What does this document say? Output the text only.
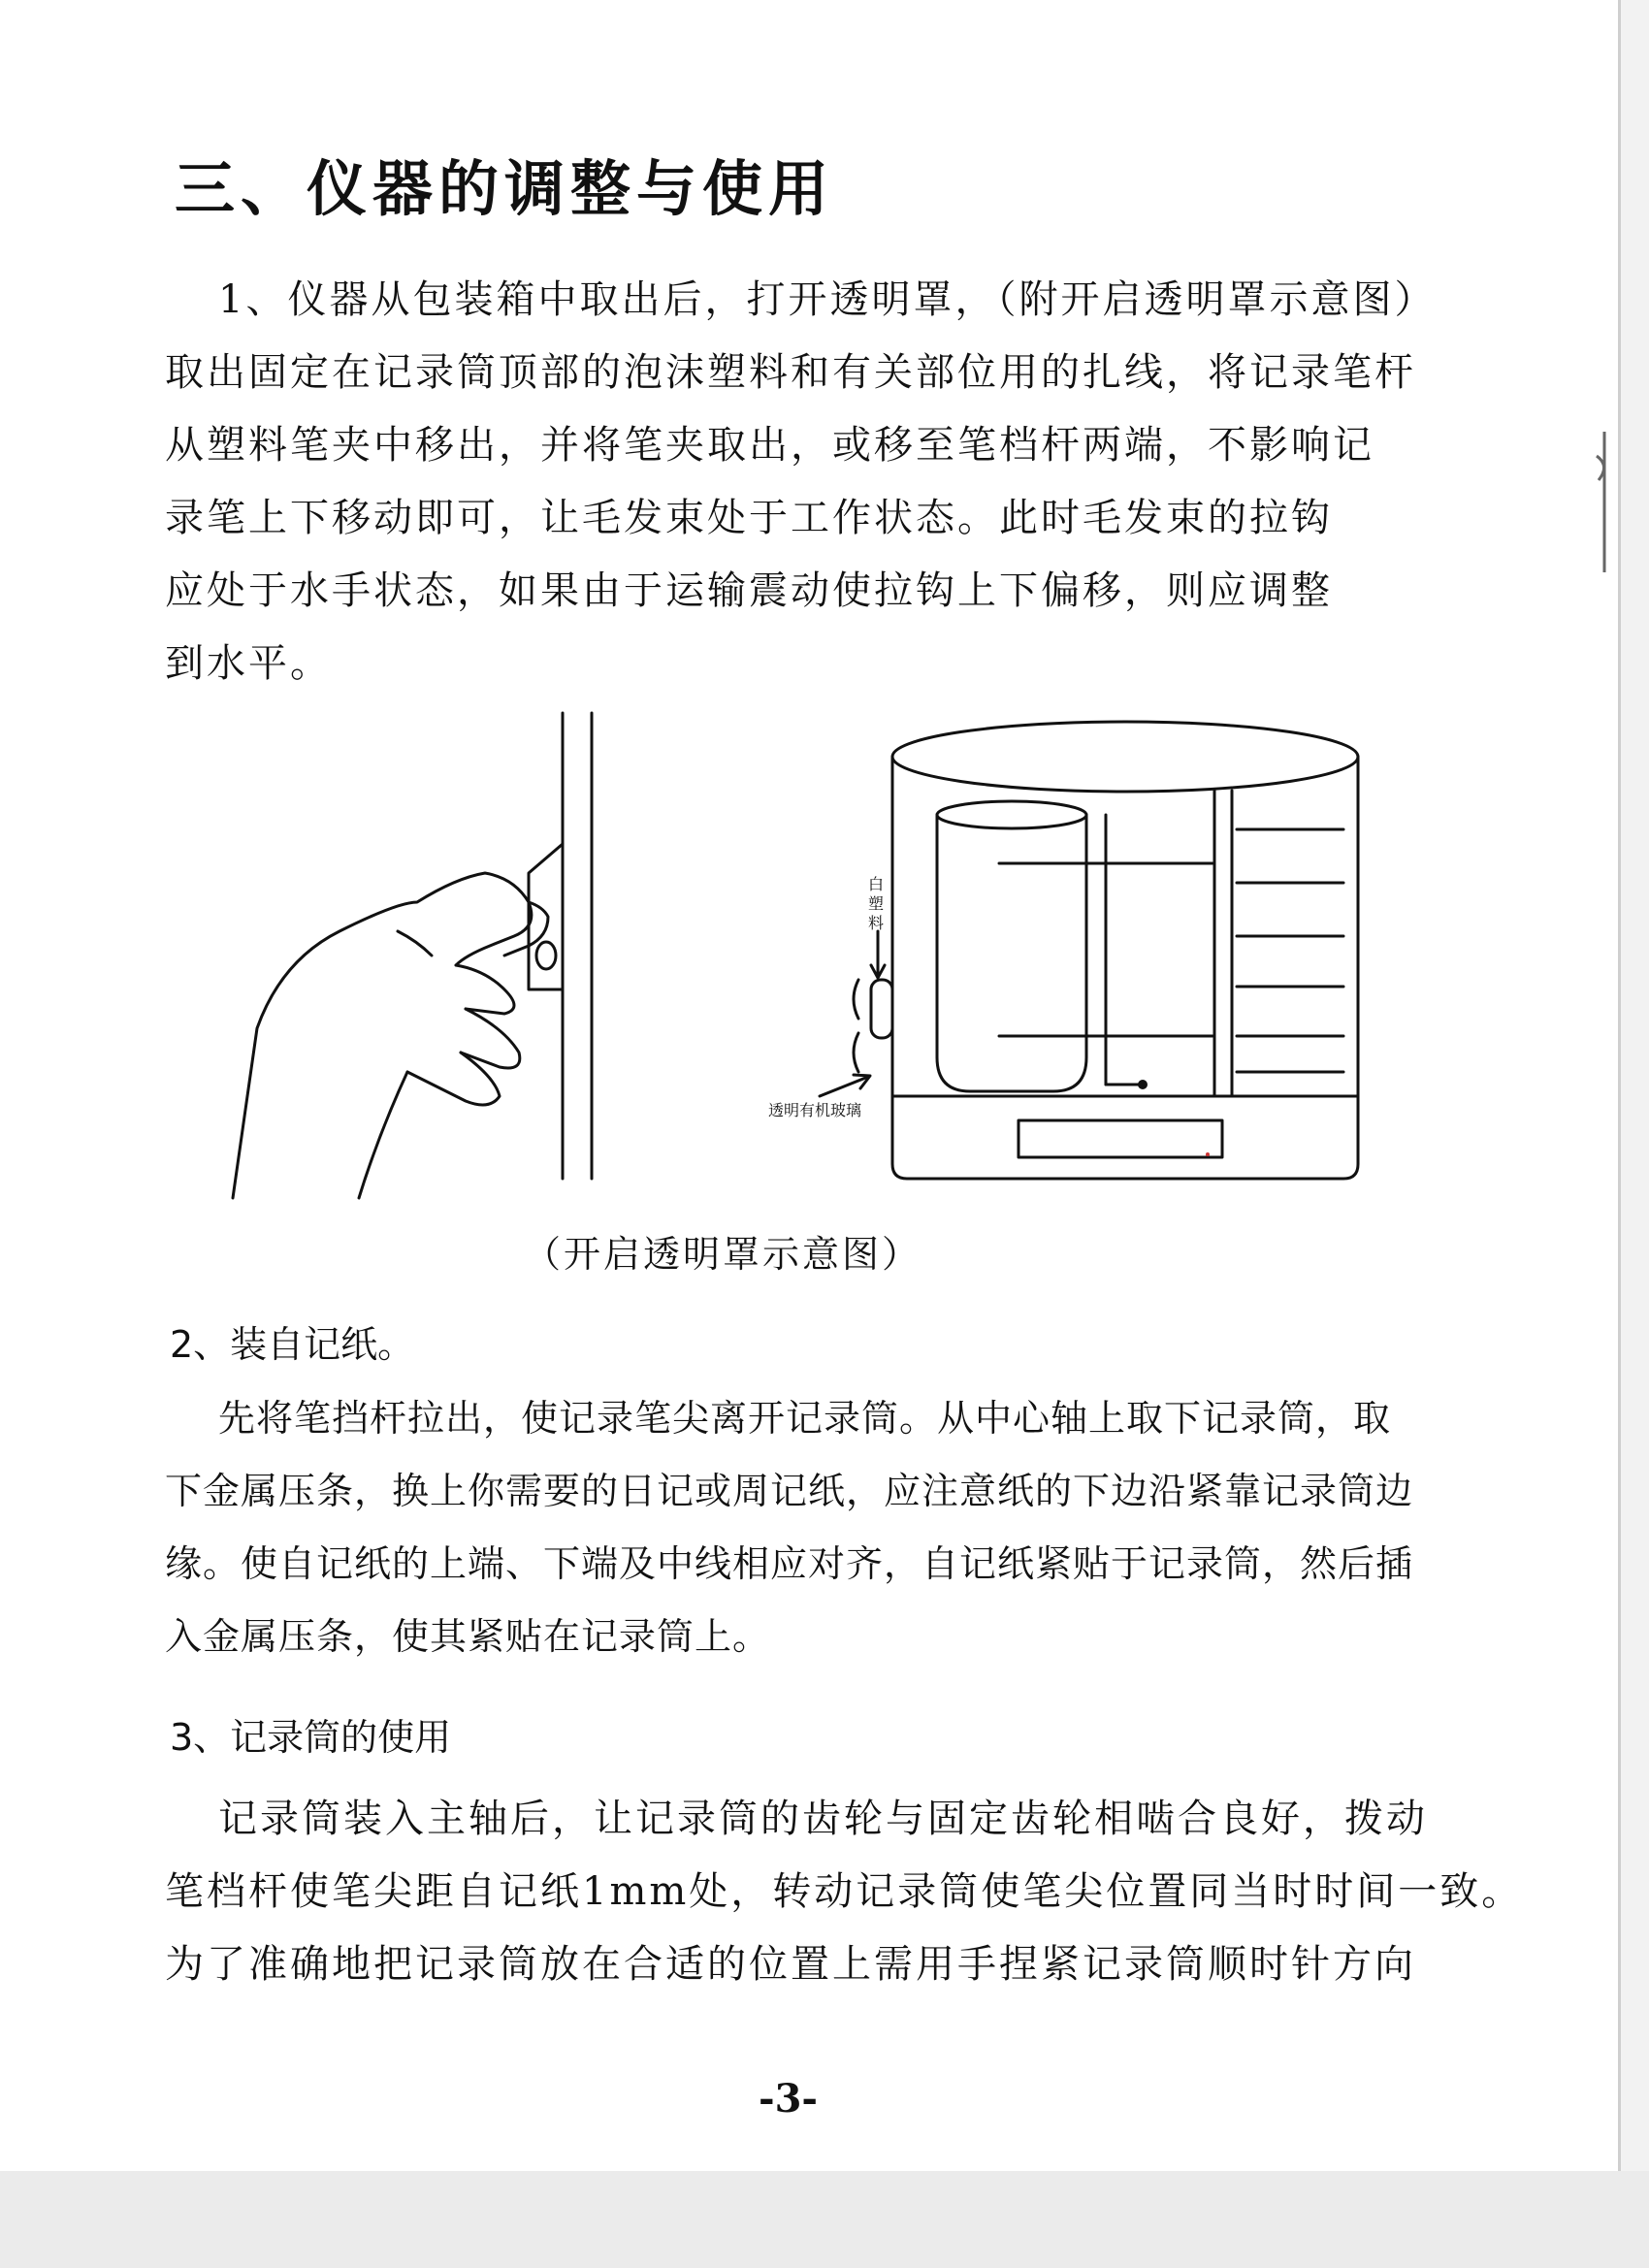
三、仪器的调整与使用
1、仪器从包装箱中取出后，打开透明罩，（附开启透明罩示意图）
取出固定在记录筒顶部的泡沫塑料和有关部位用的扎线，将记录笔杆
从塑料笔夹中移出，并将笔夹取出，或移至笔档杆两端，不影响记
录笔上下移动即可，让毛发束处于工作状态。此时毛发束的拉钩
应处于水手状态，如果由于运输震动使拉钩上下偏移，则应调整
到水平。
白
塑
料
透明有机玻璃
（开启透明罩示意图）
2、装自记纸。
先将笔挡杆拉出，使记录笔尖离开记录筒。从中心轴上取下记录筒，取
下金属压条，换上你需要的日记或周记纸，应注意纸的下边沿紧靠记录筒边
缘。使自记纸的上端、下端及中线相应对齐，自记纸紧贴于记录筒，然后插
入金属压条，使其紧贴在记录筒上。
3、记录筒的使用
记录筒装入主轴后，让记录筒的齿轮与固定齿轮相啮合良好，拨动
笔档杆使笔尖距自记纸1mm处，转动记录筒使笔尖位置同当时时间一致。
为了准确地把记录筒放在合适的位置上需用手捏紧记录筒顺时针方向
-3-
